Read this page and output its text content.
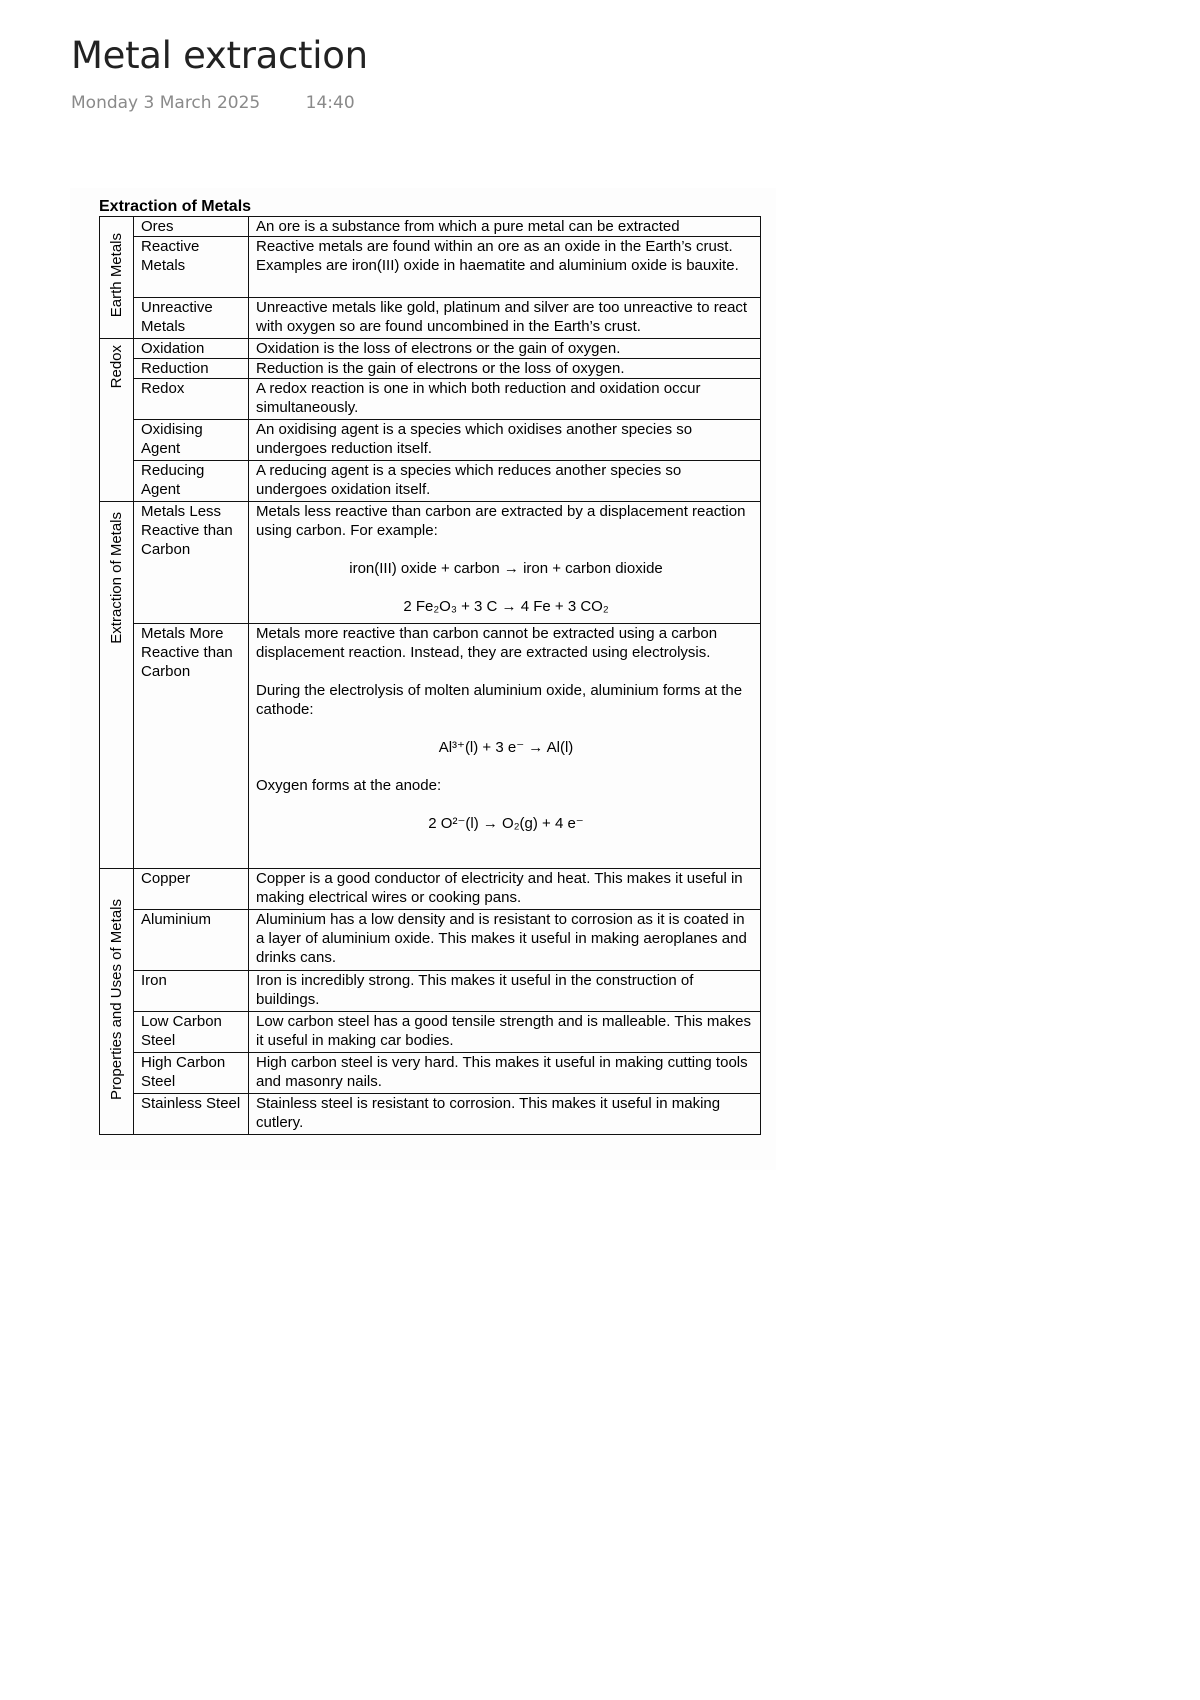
Metal extraction
Monday 3 March 2025	14:40
Extraction of Metals
Earth Metals	Ores	An ore is a substance from which a pure metal can be extracted
	Reactive Metals	Reactive metals are found within an ore as an oxide in the Earth’s crust. Examples are iron(III) oxide in haematite and aluminium oxide is bauxite.
	Unreactive Metals	Unreactive metals like gold, platinum and silver are too unreactive to react with oxygen so are found uncombined in the Earth’s crust.
Redox	Oxidation	Oxidation is the loss of electrons or the gain of oxygen.
	Reduction	Reduction is the gain of electrons or the loss of oxygen.
	Redox	A redox reaction is one in which both reduction and oxidation occur simultaneously.
	Oxidising Agent	An oxidising agent is a species which oxidises another species so undergoes reduction itself.
	Reducing Agent	A reducing agent is a species which reduces another species so undergoes oxidation itself.
Extraction of Metals	Metals Less Reactive than Carbon	Metals less reactive than carbon are extracted by a displacement reaction using carbon. For example:
iron(III) oxide + carbon → iron + carbon dioxide
2 Fe₂O₃ + 3 C → 4 Fe + 3 CO₂

	Metals More Reactive than Carbon	Metals more reactive than carbon cannot be extracted using a carbon displacement reaction. Instead, they are extracted using electrolysis.
During the electrolysis of molten aluminium oxide, aluminium forms at the cathode:
Al³⁺(l) + 3 e⁻ → Al(l)
Oxygen forms at the anode:
2 O²⁻(l) → O₂(g) + 4 e⁻

Properties and Uses of Metals	Copper	Copper is a good conductor of electricity and heat. This makes it useful in making electrical wires or cooking pans.
	Aluminium	Aluminium has a low density and is resistant to corrosion as it is coated in a layer of aluminium oxide. This makes it useful in making aeroplanes and drinks cans.
	Iron	Iron is incredibly strong. This makes it useful in the construction of buildings.
	Low Carbon Steel	Low carbon steel has a good tensile strength and is malleable. This makes it useful in making car bodies.
	High Carbon Steel	High carbon steel is very hard. This makes it useful in making cutting tools and masonry nails.
	Stainless Steel	Stainless steel is resistant to corrosion. This makes it useful in making cutlery.
